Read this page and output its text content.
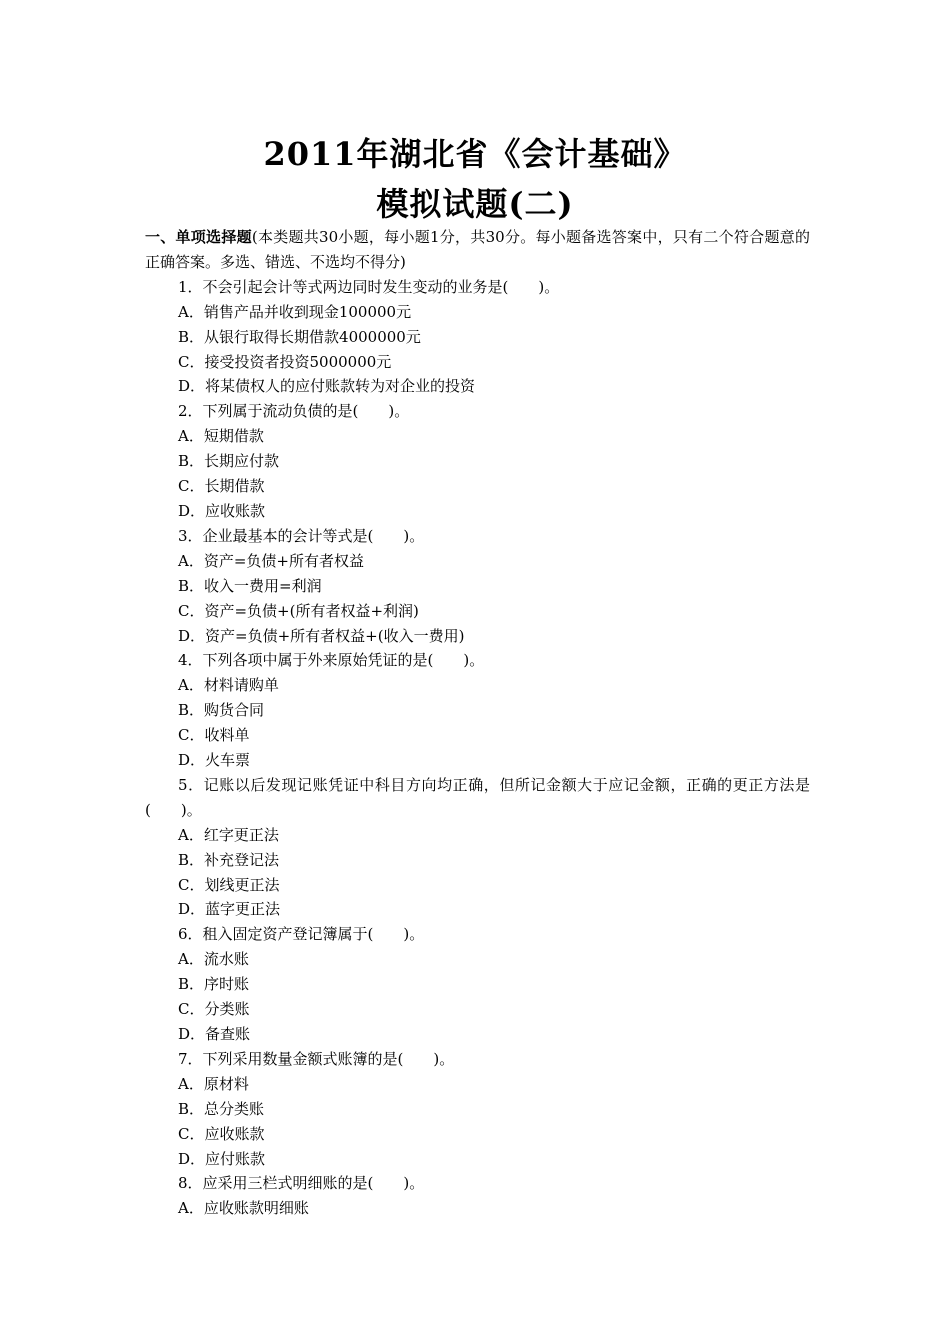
2011年湖北省《会计基础》
模拟试题(二)

一、单项选择题(本类题共30小题，每小题1分，共30分。每小题备选答案中，只有二个符合题意的正确答案。多选、错选、不选均不得分)

1．不会引起会计等式两边同时发生变动的业务是(　　)。

A．销售产品并收到现金100000元

B．从银行取得长期借款4000000元

C．接受投资者投资5000000元

D．将某债权人的应付账款转为对企业的投资

2．下列属于流动负债的是(　　)。

A．短期借款

B．长期应付款

C．长期借款

D．应收账款

3．企业最基本的会计等式是(　　)。

A．资产=负债+所有者权益

B．收入一费用=利润

C．资产=负债+(所有者权益+利润)

D．资产=负债+所有者权益+(收入一费用)

4．下列各项中属于外来原始凭证的是(　　)。

A．材料请购单

B．购货合同

C．收料单

D．火车票

5．记账以后发现记账凭证中科目方向均正确，但所记金额大于应记金额，正确的更正方法是(　　)。

A．红字更正法

B．补充登记法

C．划线更正法

D．蓝字更正法

6．租入固定资产登记簿属于(　　)。

A．流水账

B．序时账

C．分类账

D．备查账

7．下列采用数量金额式账簿的是(　　)。

A．原材料

B．总分类账

C．应收账款

D．应付账款

8．应采用三栏式明细账的是(　　)。

A．应收账款明细账
